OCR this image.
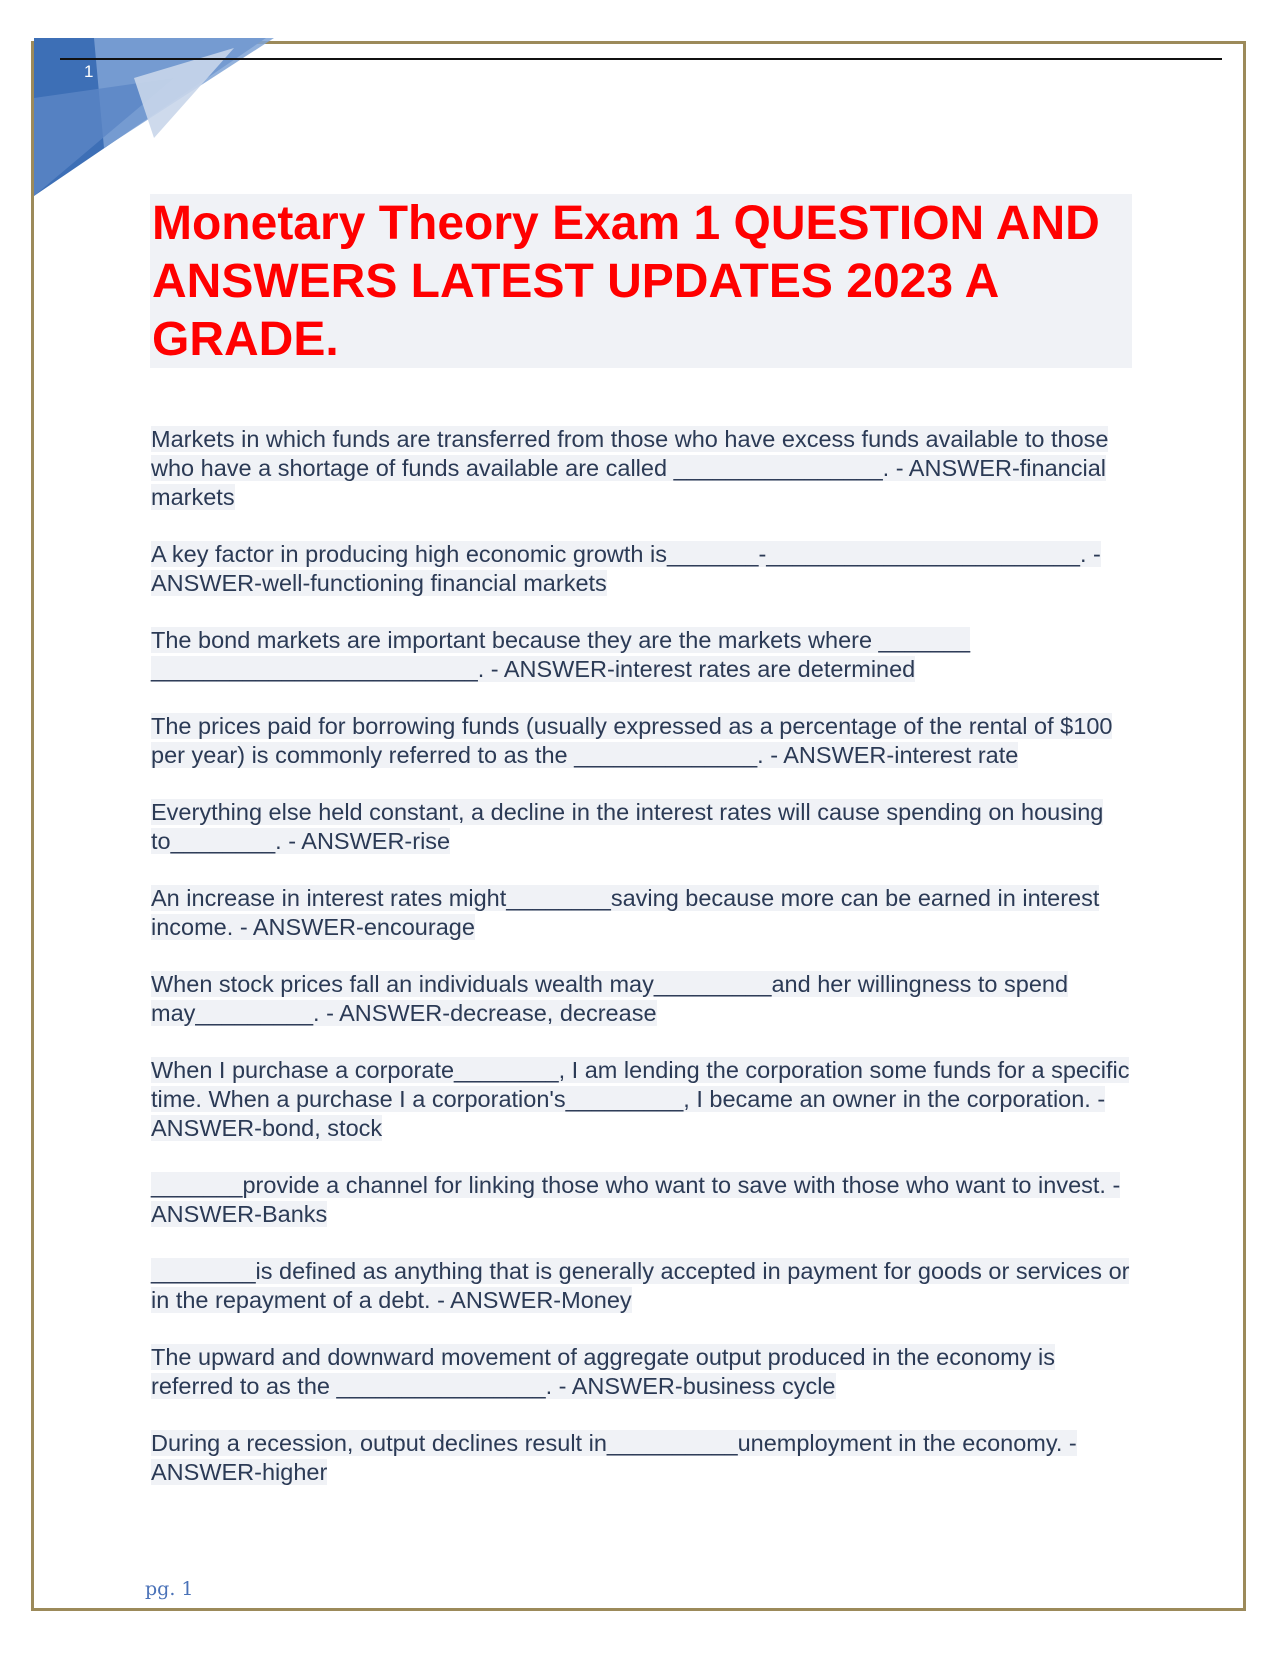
1
Monetary Theory Exam 1 QUESTION AND ANSWERS LATEST UPDATES 2023 A GRADE.

Markets in which funds are transferred from those who have excess funds available to those who have a shortage of funds available are called ________________. - ANSWER-financial markets

A key factor in producing high economic growth is_______-________________________. - ANSWER-well-functioning financial markets

The bond markets are important because they are the markets where _______ _________________________. - ANSWER-interest rates are determined

The prices paid for borrowing funds (usually expressed as a percentage of the rental of $100 per year) is commonly referred to as the ______________. - ANSWER-interest rate

Everything else held constant, a decline in the interest rates will cause spending on housing to________. - ANSWER-rise

An increase in interest rates might________saving because more can be earned in interest income. - ANSWER-encourage

When stock prices fall an individuals wealth may_________and her willingness to spend may_________. - ANSWER-decrease, decrease

When I purchase a corporate________, I am lending the corporation some funds for a specific time. When a purchase I a corporation's_________, I became an owner in the corporation. - ANSWER-bond, stock

_______provide a channel for linking those who want to save with those who want to invest. - ANSWER-Banks

________is defined as anything that is generally accepted in payment for goods or services or in the repayment of a debt. - ANSWER-Money

The upward and downward movement of aggregate output produced in the economy is referred to as the ________________. - ANSWER-business cycle

During a recession, output declines result in__________unemployment in the economy. - ANSWER-higher

pg. 1
